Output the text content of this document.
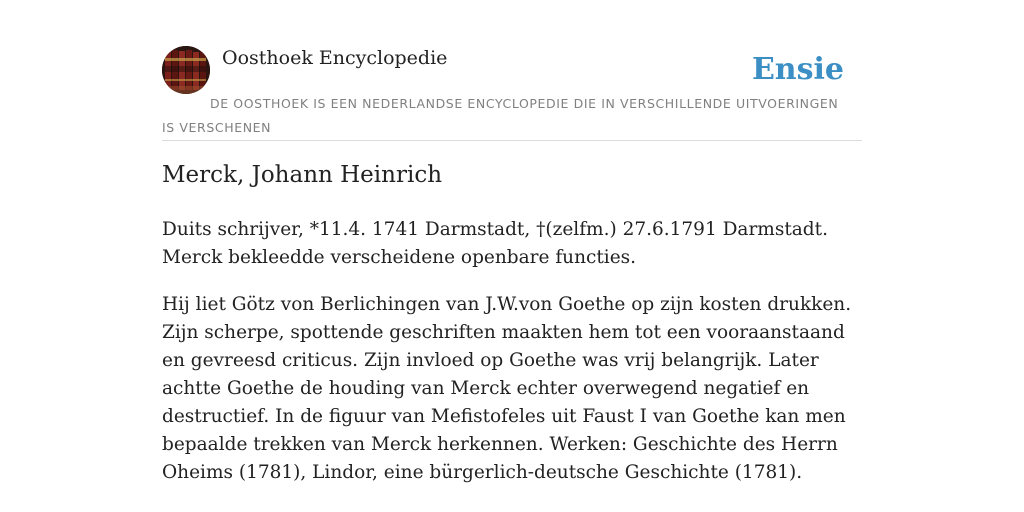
Oosthoek Encyclopedie	Ensie
DE OOSTHOEK IS EEN NEDERLANDSE ENCYCLOPEDIE DIE IN VERSCHILLENDE UITVOERINGEN IS VERSCHENEN
Merck, Johann Heinrich

Duits schrijver, *11.4. 1741 Darmstadt, †(zelfm.) 27.6.1791 Darmstadt. Merck bekleedde verscheidene openbare functies.

Hij liet Götz von Berlichingen van J.W.von Goethe op zijn kosten drukken. Zijn scherpe, spottende geschriften maakten hem tot een vooraanstaand en gevreesd criticus. Zijn invloed op Goethe was vrij belangrijk. Later achtte Goethe de houding van Merck echter overwegend negatief en destructief. In de figuur van Mefistofeles uit Faust I van Goethe kan men bepaalde trekken van Merck herkennen. Werken: Geschichte des Herrn Oheims (1781), Lindor, eine bürgerlich-deutsche Geschichte (1781).
